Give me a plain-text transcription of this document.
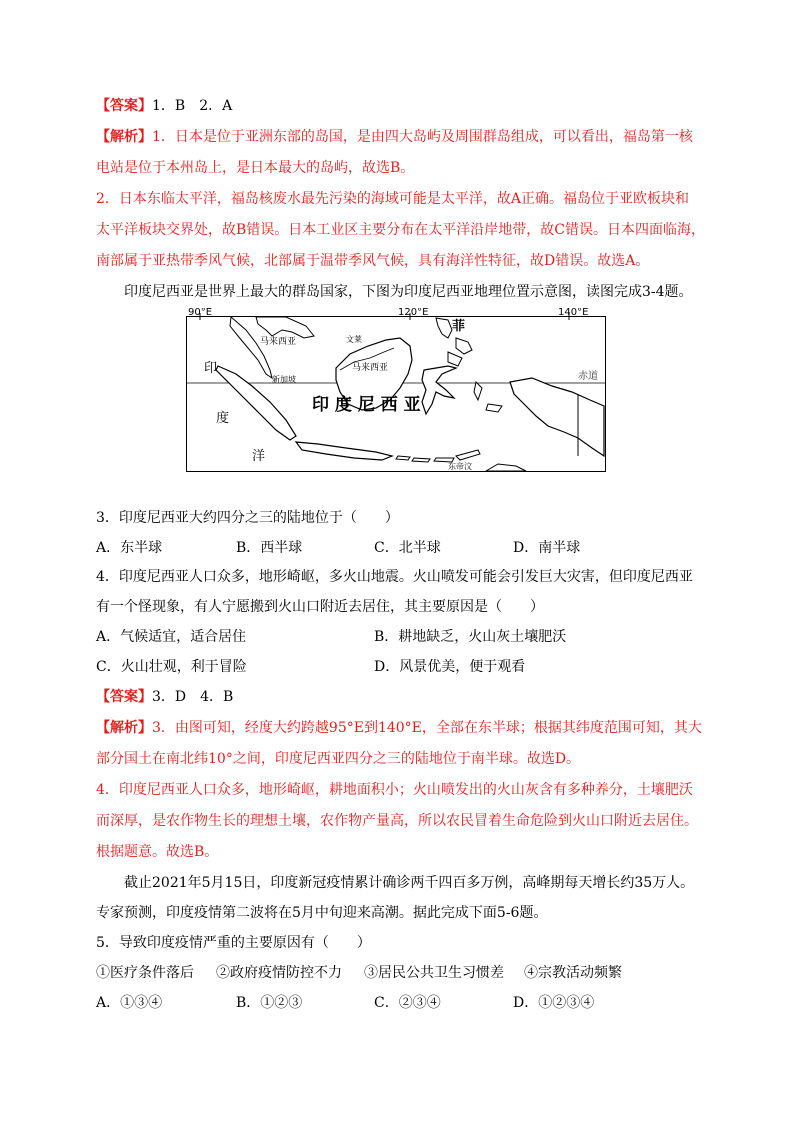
【答案】1．B　2．A
【解析】1．日本是位于亚洲东部的岛国，是由四大岛屿及周围群岛组成，可以看出，福岛第一核
电站是位于本州岛上，是日本最大的岛屿，故选B。
2．日本东临太平洋，福岛核废水最先污染的海域可能是太平洋，故A正确。福岛位于亚欧板块和
太平洋板块交界处，故B错误。日本工业区主要分布在太平洋沿岸地带，故C错误。日本四面临海，
南部属于亚热带季风气候，北部属于温带季风气候，具有海洋性特征，故D错误。故选A。
印度尼西亚是世界上最大的群岛国家，下图为印度尼西亚地理位置示意图，读图完成3-4题。
90°E	120°E	140°E
赤道
印
度
洋
印 度 尼 西 亚
马来西亚
马来西亚
新加坡
文莱
菲
东帝汶
3．印度尼西亚大约四分之三的陆地位于（　　）
A．东半球	B．西半球	C．北半球	D．南半球
4．印度尼西亚人口众多，地形崎岖，多火山地震。火山喷发可能会引发巨大灾害，但印度尼西亚
有一个怪现象，有人宁愿搬到火山口附近去居住，其主要原因是（　　）
A．气候适宜，适合居住	B．耕地缺乏，火山灰土壤肥沃
C．火山壮观，利于冒险	D．风景优美，便于观看
【答案】3．D　4．B
【解析】3．由图可知，经度大约跨越95°E到140°E，全部在东半球；根据其纬度范围可知，其大
部分国土在南北纬10°之间，印度尼西亚四分之三的陆地位于南半球。故选D。
4．印度尼西亚人口众多，地形崎岖，耕地面积小；火山喷发出的火山灰含有多种养分，土壤肥沃
而深厚，是农作物生长的理想土壤，农作物产量高，所以农民冒着生命危险到火山口附近去居住。
根据题意。故选B。
截止2021年5月15日，印度新冠疫情累计确诊两千四百多万例，高峰期每天增长约35万人。
专家预测，印度疫情第二波将在5月中旬迎来高潮。据此完成下面5-6题。
5．导致印度疫情严重的主要原因有（　　）
①医疗条件落后 ②政府疫情防控不力 ③居民公共卫生习惯差 ④宗教活动频繁
A．①③④	B．①②③	C．②③④	D．①②③④
